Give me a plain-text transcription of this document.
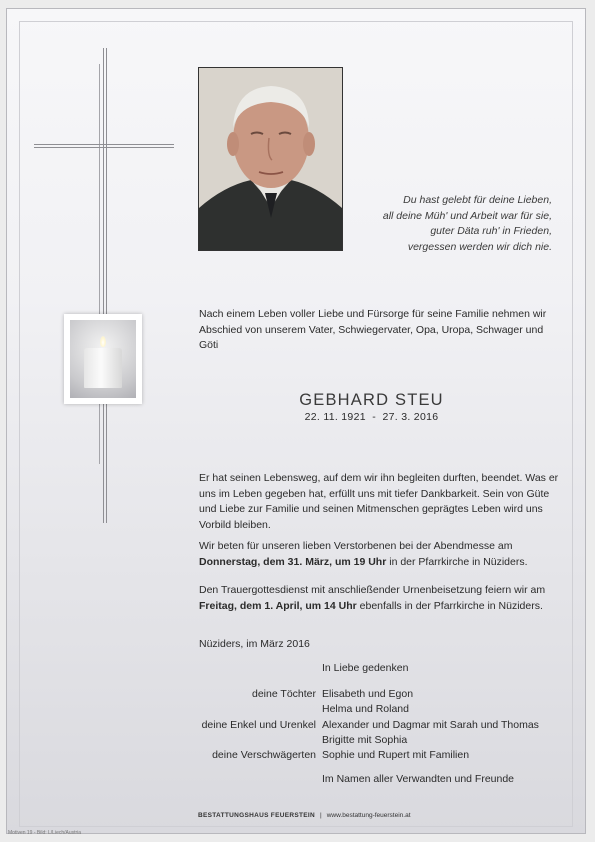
Du hast gelebt für deine Lieben,
all deine Müh' und Arbeit war für sie,
guter Däta ruh' in Frieden,
vergessen werden wir dich nie.
Nach einem Leben voller Liebe und Fürsorge für seine Familie nehmen wir Abschied von unserem Vater, Schwiegervater, Opa, Uropa, Schwager und Göti
GEBHARD STEU
22. 11. 1921  -  27. 3. 2016
Er hat seinen Lebensweg, auf dem wir ihn begleiten durften, beendet. Was er uns im Leben gegeben hat, erfüllt uns mit tiefer Dankbarkeit. Sein von Güte und Liebe zur Familie und seinen Mitmenschen geprägtes Leben wird uns Vorbild bleiben.
Wir beten für unseren lieben Verstorbenen bei der Abendmesse am
Donnerstag, dem 31. März, um 19 Uhr in der Pfarrkirche in Nüziders.
Den Trauergottesdienst mit anschließender Urnenbeisetzung feiern wir am Freitag, dem 1. April, um 14 Uhr ebenfalls in der Pfarrkirche in Nüziders.
Nüziders, im März 2016
In Liebe gedenken
deine Töchter Elisabeth und Egon
Helma und Roland
deine Enkel und Urenkel Alexander und Dagmar mit Sarah und Thomas
Brigitte mit Sophia
deine Verschwägerten Sophie und Rupert mit Familien
Im Namen aller Verwandten und Freunde
BESTATTUNGSHAUS FEUERSTEIN | www.bestattung-feuerstein.at
Motiven 19 - Bild: L/Liech/Austria
